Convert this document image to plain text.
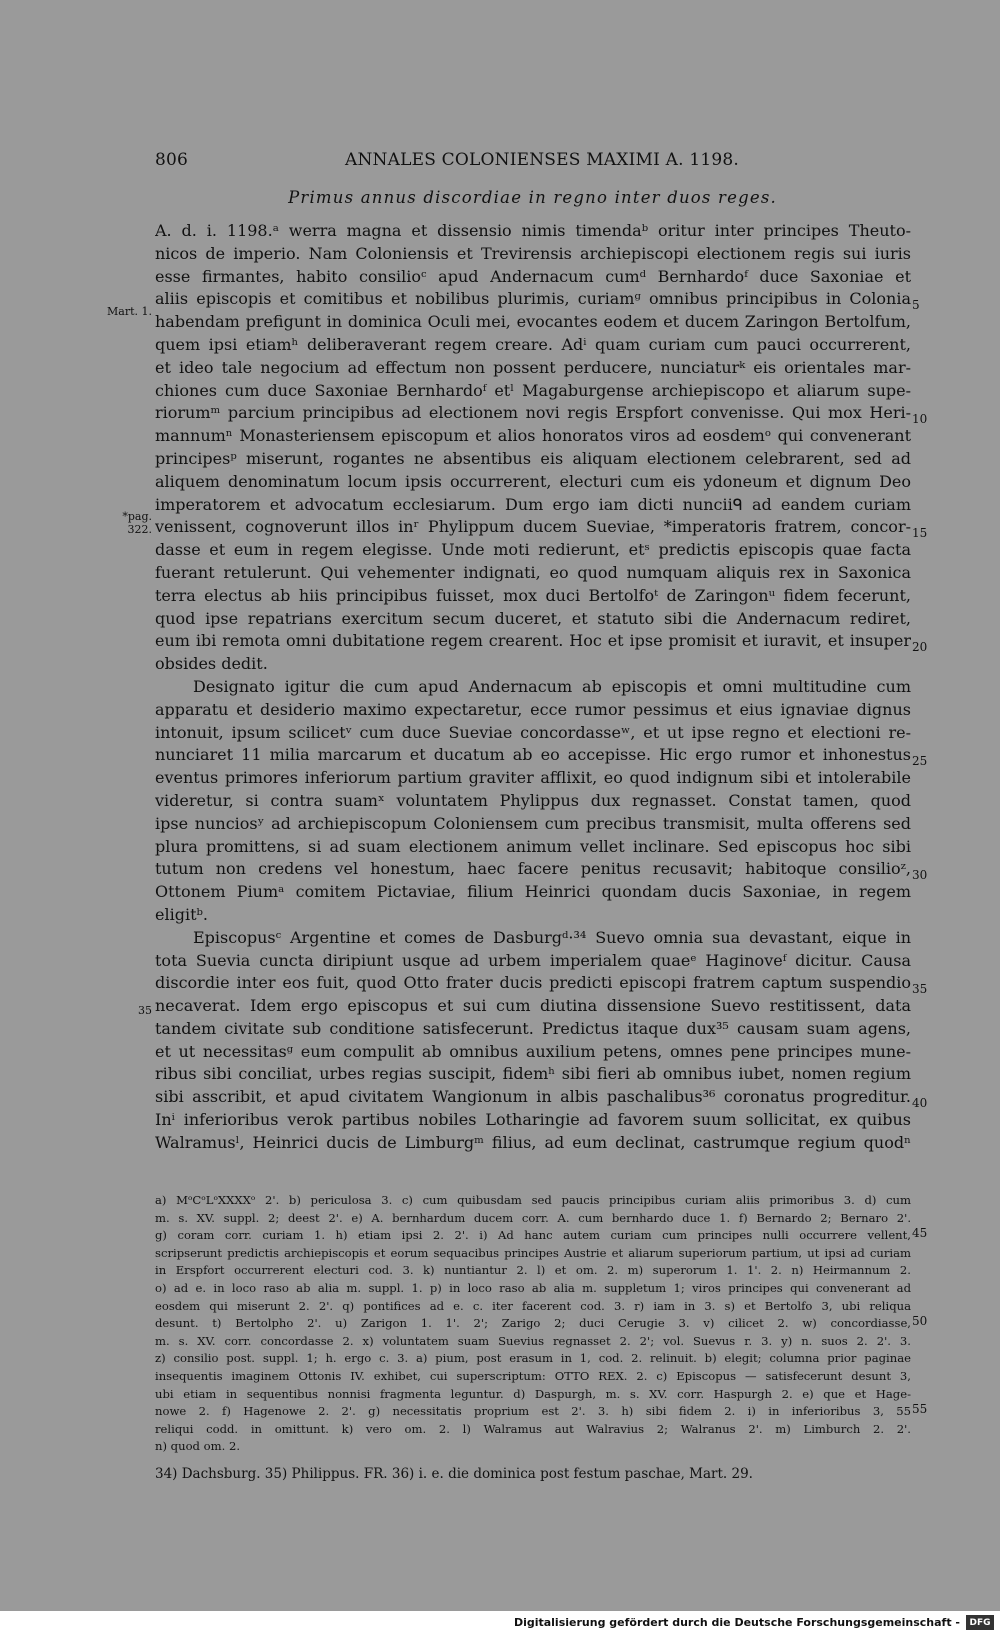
806	ANNALES COLONIENSES MAXIMI A. 1198.
Primus annus discordiae in regno inter duos reges.
A. d. i. 1198.ᵃ werra magna et dissensio nimis timendaᵇ oritur inter principes Theuto-
nicos de imperio. Nam Coloniensis et Trevirensis archiepiscopi electionem regis sui iuris
esse firmantes, habito consilioᶜ apud Andernacum cumᵈ Bernhardoᶠ duce Saxoniae et
aliis episcopis et comitibus et nobilibus plurimis, curiamᵍ omnibus principibus in Colonia
habendam prefigunt in dominica Oculi mei, evocantes eodem et ducem Zaringon Bertolfum,
quem ipsi etiamʰ deliberaverant regem creare. Adⁱ quam curiam cum pauci occurrerent,
et ideo tale negocium ad effectum non possent perducere, nunciaturᵏ eis orientales mar-
chiones cum duce Saxoniae Bernhardoᶠ etˡ Magaburgense archiepiscopo et aliarum supe-
riorumᵐ parcium principibus ad electionem novi regis Erspfort convenisse. Qui mox Heri-
mannumⁿ Monasteriensem episcopum et alios honoratos viros ad eosdemᵒ qui convenerant
principesᵖ miserunt, rogantes ne absentibus eis aliquam electionem celebrarent, sed ad
aliquem denominatum locum ipsis occurrerent, electuri cum eis ydoneum et dignum Deo
imperatorem et advocatum ecclesiarum. Dum ergo iam dicti nunciiᑫ ad eandem curiam
venissent, cognoverunt illos inʳ Phylippum ducem Sueviae, *imperatoris fratrem, concor-
dasse et eum in regem elegisse. Unde moti redierunt, etˢ predictis episcopis quae facta
fuerant retulerunt. Qui vehementer indignati, eo quod numquam aliquis rex in Saxonica
terra electus ab hiis principibus fuisset, mox duci Bertolfoᵗ de Zaringonᵘ fidem fecerunt,
quod ipse repatrians exercitum secum duceret, et statuto sibi die Andernacum rediret,
eum ibi remota omni dubitatione regem crearent. Hoc et ipse promisit et iuravit, et insuper
obsides dedit.
Designato igitur die cum apud Andernacum ab episcopis et omni multitudine cum
apparatu et desiderio maximo expectaretur, ecce rumor pessimus et eius ignaviae dignus
intonuit, ipsum scilicetᵛ cum duce Sueviae concordasseʷ, et ut ipse regno et electioni re-
nunciaret 11 milia marcarum et ducatum ab eo accepisse. Hic ergo rumor et inhonestus
eventus primores inferiorum partium graviter afflixit, eo quod indignum sibi et intolerabile
videretur, si contra suamˣ voluntatem Phylippus dux regnasset. Constat tamen, quod
ipse nunciosʸ ad archiepiscopum Coloniensem cum precibus transmisit, multa offerens sed
plura promittens, si ad suam electionem animum vellet inclinare. Sed episcopus hoc sibi
tutum non credens vel honestum, haec facere penitus recusavit; habitoque consilioᶻ,
Ottonem Piumᵃ comitem Pictaviae, filium Heinrici quondam ducis Saxoniae, in regem
eligitᵇ.
Episcopusᶜ Argentine et comes de Dasburgᵈ·³⁴ Suevo omnia sua devastant, eique in
tota Suevia cuncta diripiunt usque ad urbem imperialem quaeᵉ Haginoveᶠ dicitur. Causa
discordie inter eos fuit, quod Otto frater ducis predicti episcopi fratrem captum suspendio
necaverat. Idem ergo episcopus et sui cum diutina dissensione Suevo restitissent, data
tandem civitate sub conditione satisfecerunt. Predictus itaque dux³⁵ causam suam agens,
et ut necessitasᵍ eum compulit ab omnibus auxilium petens, omnes pene principes mune-
ribus sibi conciliat, urbes regias suscipit, fidemʰ sibi fieri ab omnibus iubet, nomen regium
sibi asscribit, et apud civitatem Wangionum in albis paschalibus³⁶ coronatus progreditur.
Inⁱ inferioribus verok partibus nobiles Lotharingie ad favorem suum sollicitat, ex quibus
Walramusˡ, Heinrici ducis de Limburgᵐ filius, ad eum declinat, castrumque regium quodⁿ
Mart. 1.
*pag. 322.
35
5
10
15
20
25
30
35
40
45
50
55
a) MᵒCᵒLᵒXXXXᵒ 2'. b) periculosa 3. c) cum quibusdam sed paucis principibus curiam aliis primoribus 3. d) cum
m. s. XV. suppl. 2; deest 2'. e) A. bernhardum ducem corr. A. cum bernhardo duce 1. f) Bernardo 2; Bernaro 2'.
g) coram corr. curiam 1. h) etiam ipsi 2. 2'. i) Ad hanc autem curiam cum principes nulli occurrere vellent,
scripserunt predictis archiepiscopis et eorum sequacibus principes Austrie et aliarum superiorum partium, ut ipsi ad curiam
in Erspfort occurrerent electuri cod. 3. k) nuntiantur 2. l) et om. 2. m) superorum 1. 1'. 2. n) Heirmannum 2.
o) ad e. in loco raso ab alia m. suppl. 1. p) in loco raso ab alia m. suppletum 1; viros principes qui convenerant ad
eosdem qui miserunt 2. 2'. q) pontifices ad e. c. iter facerent cod. 3. r) iam in 3. s) et Bertolfo 3, ubi reliqua
desunt. t) Bertolpho 2'. u) Zarigon 1. 1'. 2'; Zarigo 2; duci Cerugie 3. v) cilicet 2. w) concordiasse,
m. s. XV. corr. concordasse 2. x) voluntatem suam Suevius regnasset 2. 2'; vol. Suevus r. 3. y) n. suos 2. 2'. 3.
z) consilio post. suppl. 1; h. ergo c. 3. a) pium, post erasum in 1, cod. 2. relinuit. b) elegit; columna prior paginae
insequentis imaginem Ottonis IV. exhibet, cui superscriptum: OTTO REX. 2. c) Episcopus — satisfecerunt desunt 3,
ubi etiam in sequentibus nonnisi fragmenta leguntur. d) Daspurgh, m. s. XV. corr. Haspurgh 2. e) que et Hage-
nowe 2. f) Hagenowe 2. 2'. g) necessitatis proprium est 2'. 3. h) sibi fidem 2. i) in inferioribus 3, 55
reliqui codd. in omittunt. k) vero om. 2. l) Walramus aut Walravius 2; Walranus 2'. m) Limburch 2. 2'.
n) quod om. 2.
34) Dachsburg. 35) Philippus. FR. 36) i. e. die dominica post festum paschae, Mart. 29.
Digitalisierung gefördert durch die Deutsche Forschungsgemeinschaft -	DFG
